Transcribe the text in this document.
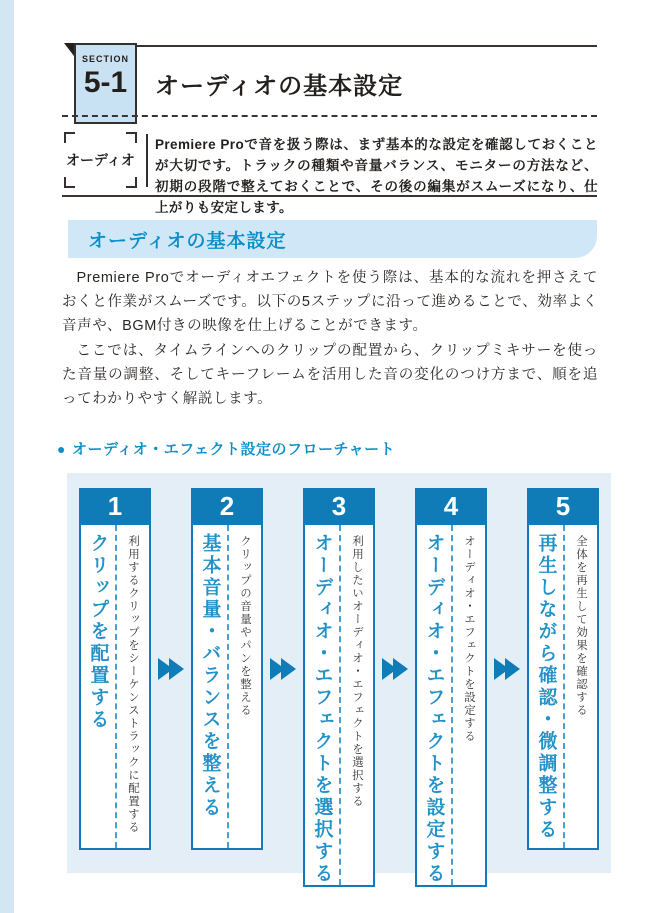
SECTION
5-1	オーディオの基本設定
オーディオ

Premiere Proで音を扱う際は、まず基本的な設定を確認しておくことが大切です。トラックの種類や音量バランス、モニターの方法など、初期の段階で整えておくことで、その後の編集がスムーズになり、仕上がりも安定します。

オーディオの基本設定

Premiere Proでオーディオエフェクトを使う際は、基本的な流れを押さえておくと作業がスムーズです。以下の5ステップに沿って進めることで、効率よく音声や、BGM付きの映像を仕上げることができます。

ここでは、タイムラインへのクリップの配置から、クリップミキサーを使った音量の調整、そしてキーフレームを活用した音の変化のつけ方まで、順を追ってわかりやすく解説します。

● オーディオ・エフェクト設定のフローチャート
1
クリップを配置する 利用するクリップをシーケンストラックに配置する
2
基本音量・バランスを整える クリップの音量やパンを整える
3
オーディオ・エフェクトを選択する 利用したいオーディオ・エフェクトを選択する
4
オーディオ・エフェクトを設定する オーディオ・エフェクトを設定する
5
再生しながら確認・微調整する 全体を再生して効果を確認する
